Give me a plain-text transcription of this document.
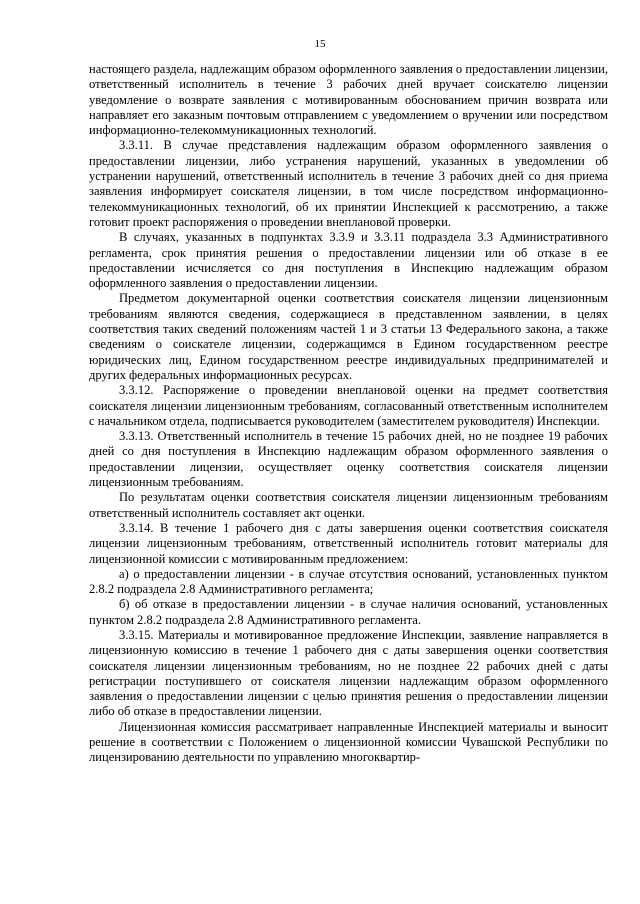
15

настоящего раздела, надлежащим образом оформленного заявления о предоставлении лицензии, ответственный исполнитель в течение 3 рабочих дней вручает соискателю лицензии уведомление о возврате заявления с мотивированным обоснованием причин возврата или направляет его заказным почтовым отправлением с уведомлением о вручении или посредством информационно-телекоммуникационных технологий.

3.3.11. В случае представления надлежащим образом оформленного заявления о предоставлении лицензии, либо устранения нарушений, указанных в уведомлении об устранении нарушений, ответственный исполнитель в течение 3 рабочих дней со дня приема заявления информирует соискателя лицензии, в том числе посредством информационно-телекоммуникационных технологий, об их принятии Инспекцией к рассмотрению, а также готовит проект распоряжения о проведении внеплановой проверки.

В случаях, указанных в подпунктах 3.3.9 и 3.3.11 подраздела 3.3 Административного регламента, срок принятия решения о предоставлении лицензии или об отказе в ее предоставлении исчисляется со дня поступления в Инспекцию надлежащим образом оформленного заявления о предоставлении лицензии.

Предметом документарной оценки соответствия соискателя лицензии лицензионным требованиям являются сведения, содержащиеся в представленном заявлении, в целях соответствия таких сведений положениям частей 1 и 3 статьи 13 Федерального закона, а также сведениям о соискателе лицензии, содержащимся в Едином государственном реестре юридических лиц, Едином государственном реестре индивидуальных предпринимателей и других федеральных информационных ресурсах.

3.3.12. Распоряжение о проведении внеплановой оценки на предмет соответствия соискателя лицензии лицензионным требованиям, согласованный ответственным исполнителем с начальником отдела, подписывается руководителем (заместителем руководителя) Инспекции.

3.3.13. Ответственный исполнитель в течение 15 рабочих дней, но не позднее 19 рабочих дней со дня поступления в Инспекцию надлежащим образом оформленного заявления о предоставлении лицензии, осуществляет оценку соответствия соискателя лицензии лицензионным требованиям.

По результатам оценки соответствия соискателя лицензии лицензионным требованиям ответственный исполнитель составляет акт оценки.

3.3.14. В течение 1 рабочего дня с даты завершения оценки соответствия соискателя лицензии лицензионным требованиям, ответственный исполнитель готовит материалы для лицензионной комиссии с мотивированным предложением:

а) о предоставлении лицензии - в случае отсутствия оснований, установленных пунктом 2.8.2 подраздела 2.8 Административного регламента;

б) об отказе в предоставлении лицензии - в случае наличия оснований, установленных пунктом 2.8.2 подраздела 2.8 Административного регламента.

3.3.15. Материалы и мотивированное предложение Инспекции, заявление направляется в лицензионную комиссию в течение 1 рабочего дня с даты завершения оценки соответствия соискателя лицензии лицензионным требованиям, но не позднее 22 рабочих дней с даты регистрации поступившего от соискателя лицензии надлежащим образом оформленного заявления о предоставлении лицензии с целью принятия решения о предоставлении лицензии либо об отказе в предоставлении лицензии.

Лицензионная комиссия рассматривает направленные Инспекцией материалы и выносит решение в соответствии с Положением о лицензионной комиссии Чувашской Республики по лицензированию деятельности по управлению многоквартир-
